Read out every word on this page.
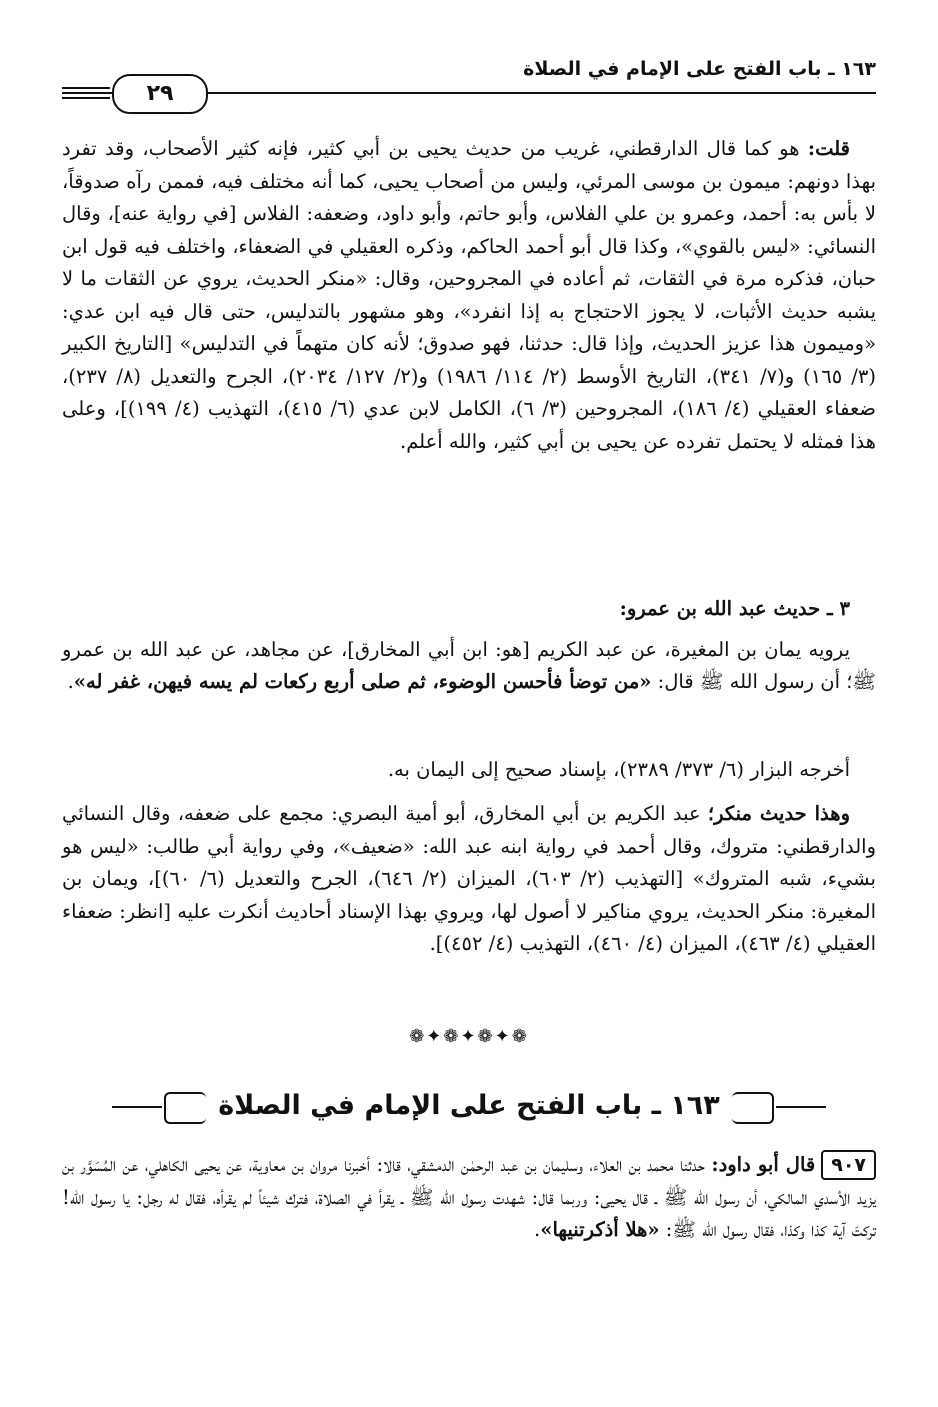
١٦٣ ـ باب الفتح على الإمام في الصلاة
٢٩

قلت: هو كما قال الدارقطني، غريب من حديث يحيى بن أبي كثير، فإنه كثير الأصحاب، وقد تفرد بهذا دونهم: ميمون بن موسى المرئي، وليس من أصحاب يحيى، كما أنه مختلف فيه، فممن رآه صدوقاً، لا بأس به: أحمد، وعمرو بن علي الفلاس، وأبو حاتم، وأبو داود، وضعفه: الفلاس [في رواية عنه]، وقال النسائي: «ليس بالقوي»، وكذا قال أبو أحمد الحاكم، وذكره العقيلي في الضعفاء، واختلف فيه قول ابن حبان، فذكره مرة في الثقات، ثم أعاده في المجروحين، وقال: «منكر الحديث، يروي عن الثقات ما لا يشبه حديث الأثبات، لا يجوز الاحتجاج به إذا انفرد»، وهو مشهور بالتدليس، حتى قال فيه ابن عدي: «وميمون هذا عزيز الحديث، وإذا قال: حدثنا، فهو صدوق؛ لأنه كان متهماً في التدليس» [التاريخ الكبير (٣/ ١٦٥) و(٧/ ٣٤١)، التاريخ الأوسط (٢/ ١١٤/ ١٩٨٦) و(٢/ ١٢٧/ ٢٠٣٤)، الجرح والتعديل (٨/ ٢٣٧)، ضعفاء العقيلي (٤/ ١٨٦)، المجروحين (٣/ ٦)، الكامل لابن عدي (٦/ ٤١٥)، التهذيب (٤/ ١٩٩)]، وعلى هذا فمثله لا يحتمل تفرده عن يحيى بن أبي كثير، والله أعلم.

٣ ـ حديث عبد الله بن عمرو:

يرويه يمان بن المغيرة، عن عبد الكريم [هو: ابن أبي المخارق]، عن مجاهد، عن عبد الله بن عمرو ﷺ؛ أن رسول الله ﷺ قال: «من توضأ فأحسن الوضوء، ثم صلى أربع ركعات لم يسه فيهن، غفر له».

أخرجه البزار (٦/ ٣٧٣/ ٢٣٨٩)، بإسناد صحيح إلى اليمان به.

وهذا حديث منكر؛ عبد الكريم بن أبي المخارق، أبو أمية البصري: مجمع على ضعفه، وقال النسائي والدارقطني: متروك، وقال أحمد في رواية ابنه عبد الله: «ضعيف»، وفي رواية أبي طالب: «ليس هو بشيء، شبه المتروك» [التهذيب (٢/ ٦٠٣)، الميزان (٢/ ٦٤٦)، الجرح والتعديل (٦/ ٦٠)]، ويمان بن المغيرة: منكر الحديث، يروي مناكير لا أصول لها، ويروي بهذا الإسناد أحاديث أنكرت عليه [انظر: ضعفاء العقيلي (٤/ ٤٦٣)، الميزان (٤/ ٤٦٠)، التهذيب (٤/ ٤٥٢)].

❁✦❁✦❁✦❁
١٦٣ ـ باب الفتح على الإمام في الصلاة

٩٠٧قال أبو داود: حدثنا محمد بن العلاء، وسليمان بن عبد الرحمٰن الدمشقي، قالا: أخبرنا مروان بن معاوية، عن يحيى الكاهلي، عن المُسَوَّر بن يزيد الأسدي المالكي، أن رسول الله ﷺ ـ قال يحيى: وربما قال: شهدت رسول الله ﷺ ـ يقرأ في الصلاة، فترك شيئاً لم يقرأه، فقال له رجل: يا رسول الله! تركتَ آية كذا وكذا، فقال رسول الله ﷺ: «هلا أذكرتنيها».
